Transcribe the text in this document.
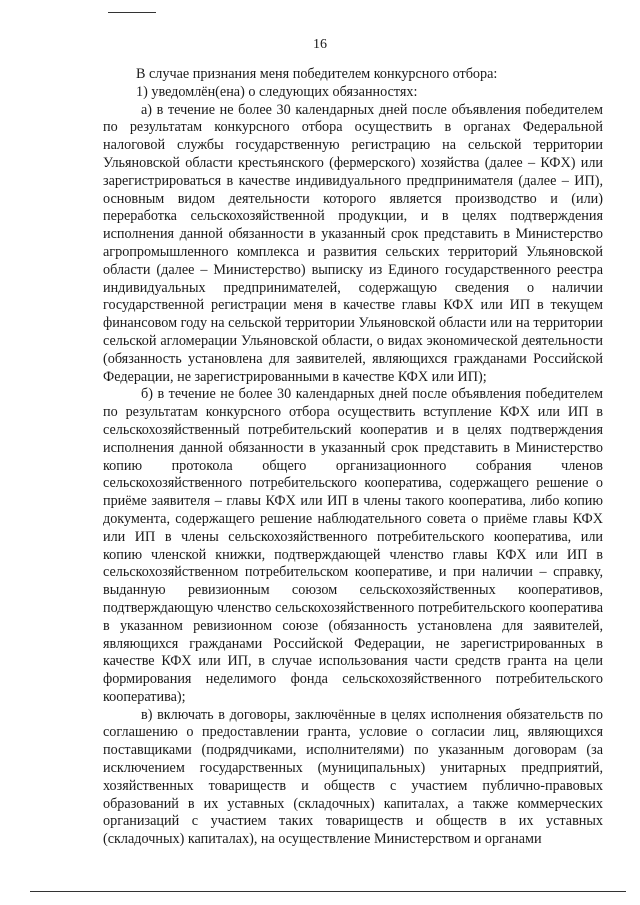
16

В случае признания меня победителем конкурсного отбора:

1) уведомлён(ена) о следующих обязанностях:

а) в течение не более 30 календарных дней после объявления победителем по результатам конкурсного отбора осуществить в органах Федеральной налоговой службы государственную регистрацию на сельской территории Ульяновской области крестьянского (фермерского) хозяйства (далее – КФХ) или зарегистрироваться в качестве индивидуального предпринимателя (далее – ИП), основным видом деятельности которого является производство и (или) переработка сельскохозяйственной продукции, и в целях подтверждения исполнения данной обязанности в указанный срок представить в Министерство агропромышленного комплекса и развития сельских территорий Ульяновской области (далее – Министерство) выписку из Единого государственного реестра индивидуальных предпринимателей, содержащую сведения о наличии государственной регистрации меня в качестве главы КФХ или ИП в текущем финансовом году на сельской территории Ульяновской области или на территории сельской агломерации Ульяновской области, о видах экономической деятельности (обязанность установлена для заявителей, являющихся гражданами Российской Федерации, не зарегистрированными в качестве КФХ или ИП);

б) в течение не более 30 календарных дней после объявления победителем по результатам конкурсного отбора осуществить вступление КФХ или ИП в сельскохозяйственный потребительский кооператив и в целях подтверждения исполнения данной обязанности в указанный срок представить в Министерство копию протокола общего организационного собрания членов сельскохозяйственного потребительского кооператива, содержащего решение о приёме заявителя – главы КФХ или ИП в члены такого кооператива, либо копию документа, содержащего решение наблюдательного совета о приёме главы КФХ или ИП в члены сельскохозяйственного потребительского кооператива, или копию членской книжки, подтверждающей членство главы КФХ или ИП в сельскохозяйственном потребительском кооперативе, и при наличии – справку, выданную ревизионным союзом сельскохозяйственных кооперативов, подтверждающую членство сельскохозяйственного потребительского кооператива в указанном ревизионном союзе (обязанность установлена для заявителей, являющихся гражданами Российской Федерации, не зарегистрированных в качестве КФХ или ИП, в случае использования части средств гранта на цели формирования неделимого фонда сельскохозяйственного потребительского кооператива);

в) включать в договоры, заключённые в целях исполнения обязательств по соглашению о предоставлении гранта, условие о согласии лиц, являющихся поставщиками (подрядчиками, исполнителями) по указанным договорам (за исключением государственных (муниципальных) унитарных предприятий, хозяйственных товариществ и обществ с участием публично-правовых образований в их уставных (складочных) капиталах, а также коммерческих организаций с участием таких товариществ и обществ в их уставных (складочных) капиталах), на осуществление Министерством и органами
